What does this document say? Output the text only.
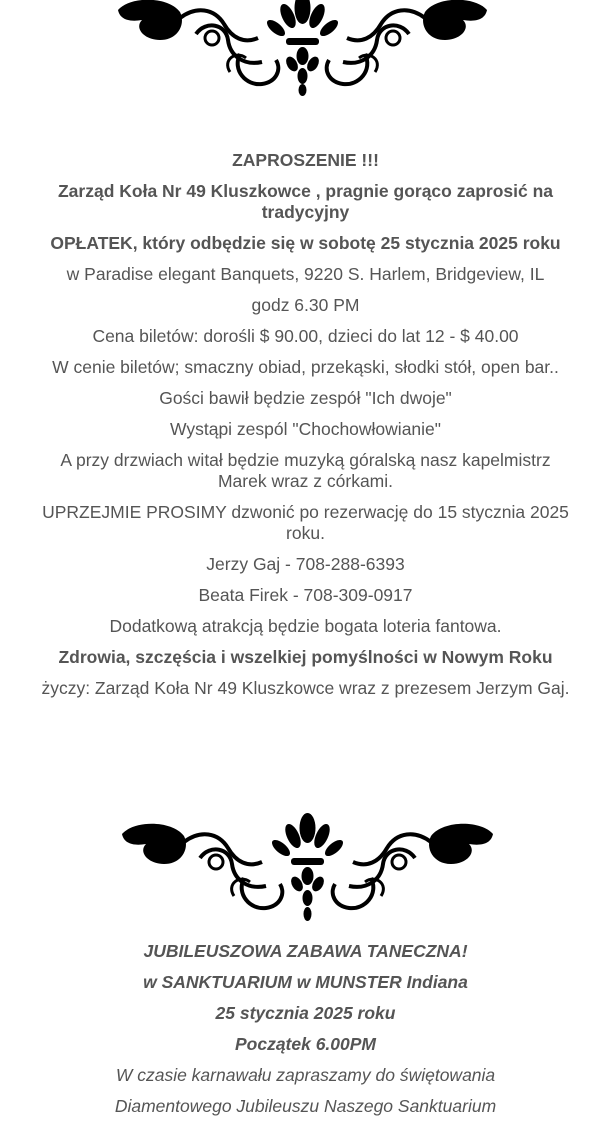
ZAPROSZENIE !!!

Zarząd Koła Nr 49 Kluszkowce , pragnie gorąco zaprosić na tradycyjny

OPŁATEK, który odbędzie się w sobotę 25 stycznia 2025 roku

w Paradise elegant Banquets, 9220 S. Harlem, Bridgeview, IL

godz 6.30 PM

Cena biletów: dorośli $ 90.00, dzieci do lat 12 - $ 40.00

W cenie biletów; smaczny obiad, przekąski, słodki stół, open bar..

Gości bawił będzie zespół "Ich dwoje"

Wystąpi zespól "Chochowłowianie"

A przy drzwiach witał będzie muzyką góralską nasz kapelmistrz Marek wraz z córkami.

UPRZEJMIE PROSIMY dzwonić po rezerwację do 15 stycznia 2025 roku.

Jerzy Gaj - 708-288-6393

Beata Firek - 708-309-0917

Dodatkową atrakcją będzie bogata loteria fantowa.

Zdrowia, szczęścia i wszelkiej pomyślności w Nowym Roku

życzy: Zarząd Koła Nr 49 Kluszkowce wraz z prezesem Jerzym Gaj.

JUBILEUSZOWA ZABAWA TANECZNA!

w SANKTUARIUM w MUNSTER Indiana

25 stycznia 2025 roku

Początek 6.00PM

W czasie karnawału zapraszamy do świętowania

Diamentowego Jubileuszu Naszego Sanktuarium
